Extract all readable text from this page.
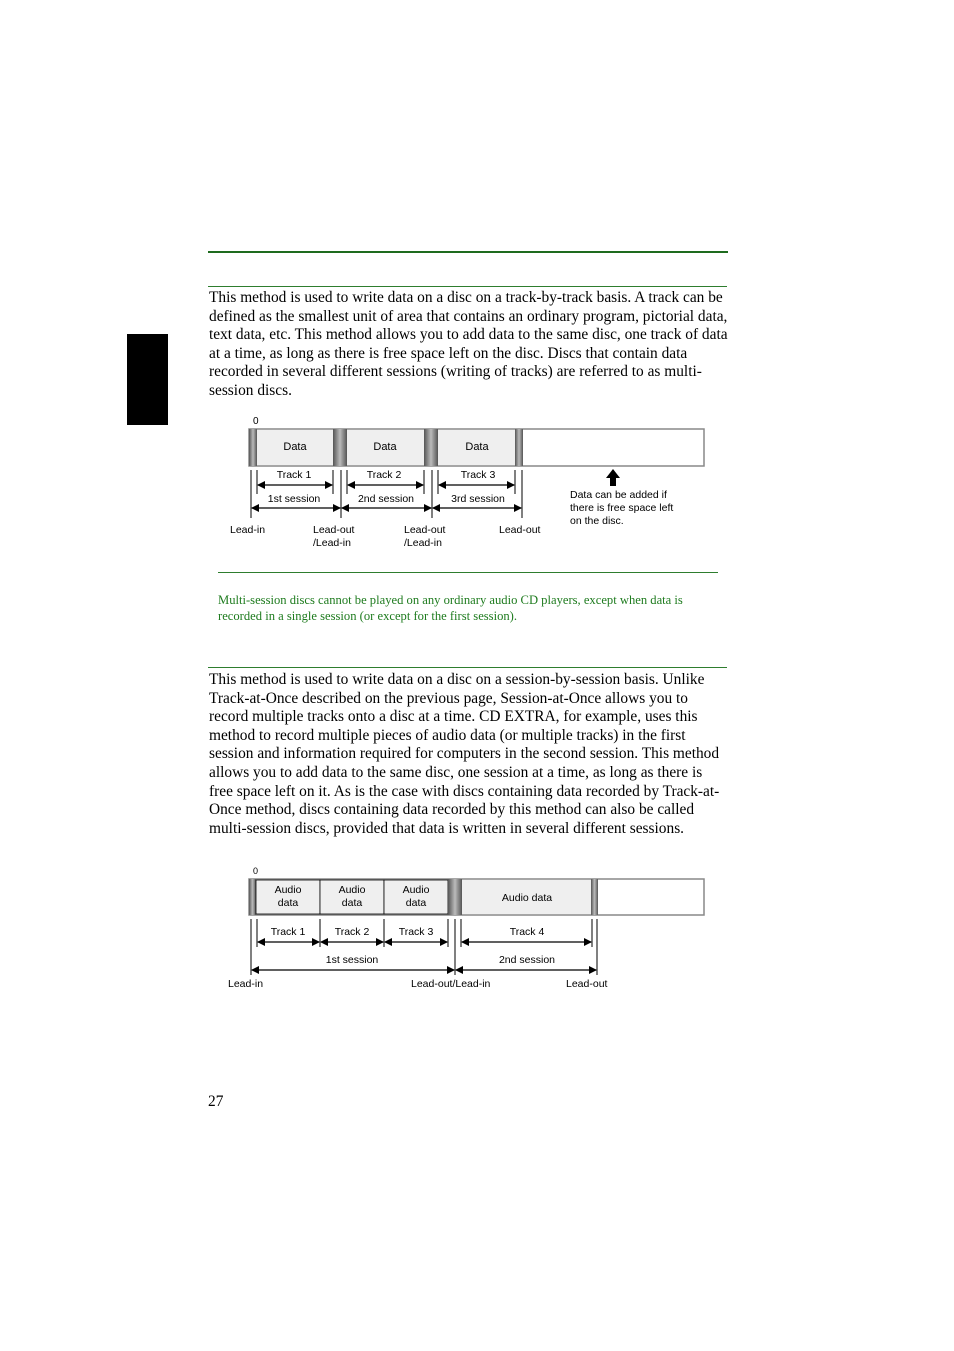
This method is used to write data on a disc on a track-by-track basis. A track can be defined as the smallest unit of area that contains an ordinary program, pictorial data, text data, etc. This method allows you to add data to the same disc, one track of data at a time, as long as there is free space left on the disc. Discs that contain data recorded in several different sessions (writing of tracks) are referred to as multi-session discs.

0
Data	Data	Data
Track 1	Track 2	Track 3
1st session	2nd session	3rd session
Lead-in	Lead-out
/Lead-in
Lead-out
/Lead-in
Lead-out
Data can be added if
there is free space left
on the disc.

Multi-session discs cannot be played on any ordinary audio CD players, except when data is recorded in a single session (or except for the first session).

This method is used to write data on a disc on a session-by-session basis. Unlike Track-at-Once described on the previous page, Session-at-Once allows you to record multiple tracks onto a disc at a time. CD EXTRA, for example, uses this method to record multiple pieces of audio data (or multiple tracks) in the first session and information required for computers in the second session. This method allows you to add data to the same disc, one session at a time, as long as there is free space left on it. As is the case with discs containing data recorded by Track-at-Once method, discs containing data recorded by this method can also be called multi-session discs, provided that data is written in several different sessions.

0
Audio
data
Audio
data
Audio
data	Audio data
Track 1	Track 2	Track 3	Track 4
1st session	2nd session
Lead-in	Lead-out/Lead-in	Lead-out
27
